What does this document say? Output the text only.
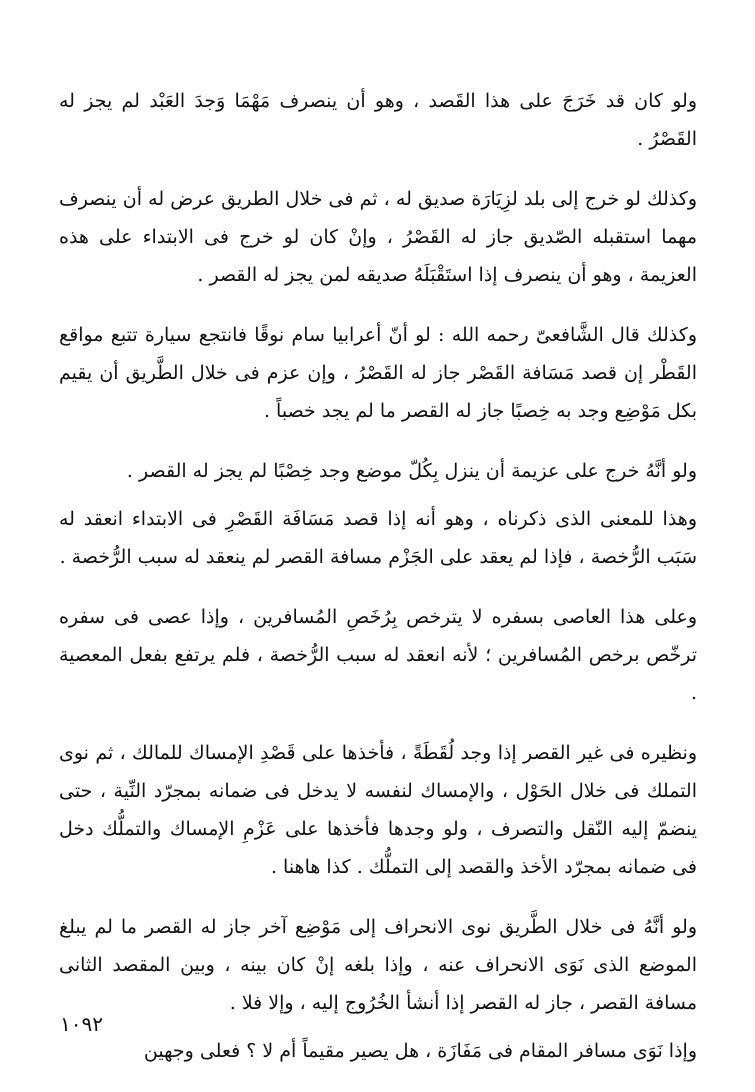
ولو كان قد خَرَجَ على هذا القَصد ، وهو أن ينصرف مَهْمَا وَجدَ العَبْد لم يجز له القَصْرُ .

وكذلك لو خرج إلى بلد لزِيَارَة صديق له ، ثم فى خلال الطريق عرض له أن ينصرف مهما استقبله الصّديق جاز له القَصْرُ ، وإنْ كان لو خرج فى الابتداء على هذه العزيمة ، وهو أن ينصرف إذا استَقْبَلَهُ صديقه لمن يجز له القصر .

وكذلك قال الشَّافعىّ رحمه الله : لو أنّ أعرابيا سام نوقًا فانتجع سيارة تتبع مواقع القَطْر إن قصد مَسَافة القَصْر جاز له القَصْرُ ، وإن عزم فى خلال الطَّريق أن يقيم بكل مَوْضِع وجد به خِصبًا جاز له القصر ما لم يجد خصباً .

ولو أنَّهُ خرج على عزيمة أن ينزل بِكُلّ موضع وجد خِصْبًا لم يجز له القصر .

وهذا للمعنى الذى ذكرناه ، وهو أنه إذا قصد مَسَافَة القَصْرِ فى الابتداء انعقد له سَبَب الرُّخصة ، فإذا لم يعقد على الجَزْم مسافة القصر لم ينعقد له سبب الرُّخصة .

وعلى هذا العاصى بسفره لا يترخص بِرُخَصِ المُسافرين ، وإذا عصى فى سفره ترخّص برخص المُسافرين ؛ لأنه انعقد له سبب الرُّخصة ، فلم يرتفع بفعل المعصية .

ونظيره فى غير القصر إذا وجد لُقَطَةً ، فأخذها على قَصْدِ الإمساك للمالك ، ثم نوى التملك فى خلال الحَوْل ، والإمساك لنفسه لا يدخل فى ضمانه بمجرّد النِّية ، حتى ينضمّ إليه النّقل والتصرف ، ولو وجدها فأخذها على عَزْمِ الإمساك والتملُّك دخل فى ضمانه بمجرّد الأخذ والقصد إلى التملُّك . كذا هاهنا .

ولو أنَّهُ فى خلال الطَّريق نوى الانحراف إلى مَوْضِع آخر جاز له القصر ما لم يبلغ الموضع الذى نَوَى الانحراف عنه ، وإذا بلغه إنْ كان بينه ، وبين المقصد الثانى مسافة القصر ، جاز له القصر إذا أنشأ الخُرُوج إليه ، وإلا فلا .

وإذا نَوَى مسافر المقام فى مَفَازَة ، هل يصير مقيماً أم لا ؟ فعلى وجهين

١٠٩٢
